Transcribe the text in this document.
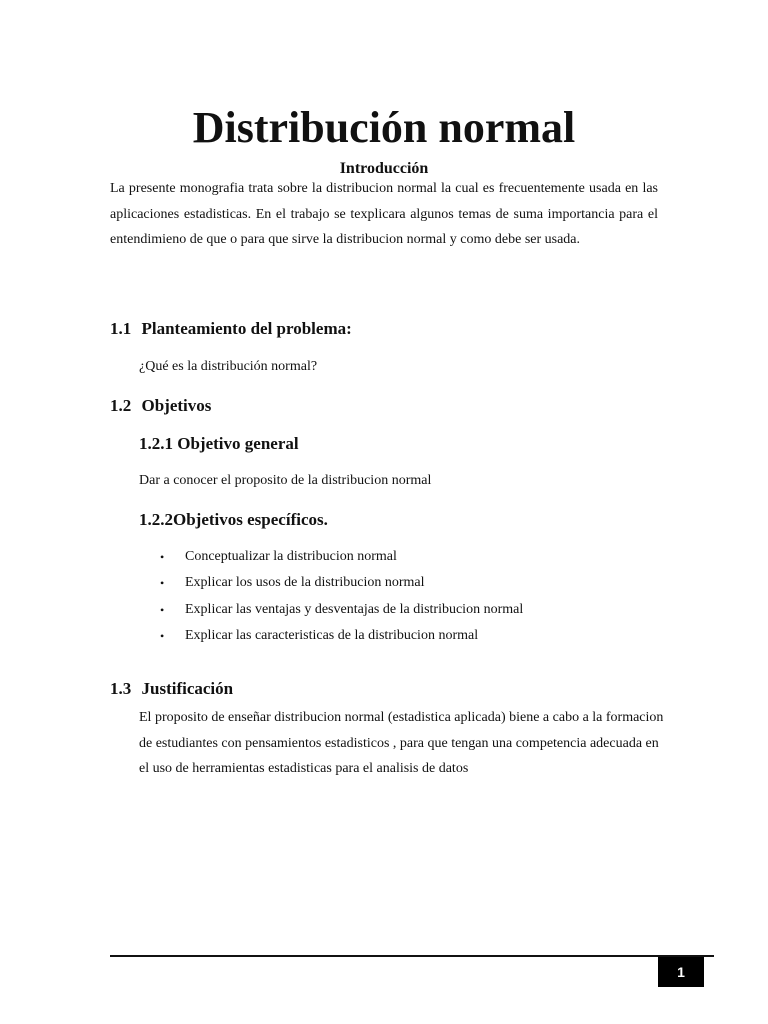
Distribución normal
Introducción

La presente monografia trata sobre la distribucion normal la cual es frecuentemente usada en las aplicaciones estadisticas. En el trabajo se texplicara algunos temas de suma importancia para el entendimieno de que o para que sirve la distribucion normal y como debe ser usada.

1.1 Planteamiento del problema:

¿Qué es la distribución normal?

1.2 Objetivos
1.2.1 Objetivo general

Dar a conocer el proposito de la distribucion normal

1.2.2Objetivos específicos.
•	Conceptualizar la distribucion normal
•	Explicar los usos de la distribucion normal
•	Explicar las ventajas y desventajas de la distribucion normal
•	Explicar las caracteristicas de la distribucion normal
1.3 Justificación

El proposito de enseñar distribucion normal (estadistica aplicada) biene a cabo a la formacion de estudiantes con pensamientos estadisticos , para que tengan una competencia adecuada en el uso de herramientas estadisticas para el analisis de datos

1
